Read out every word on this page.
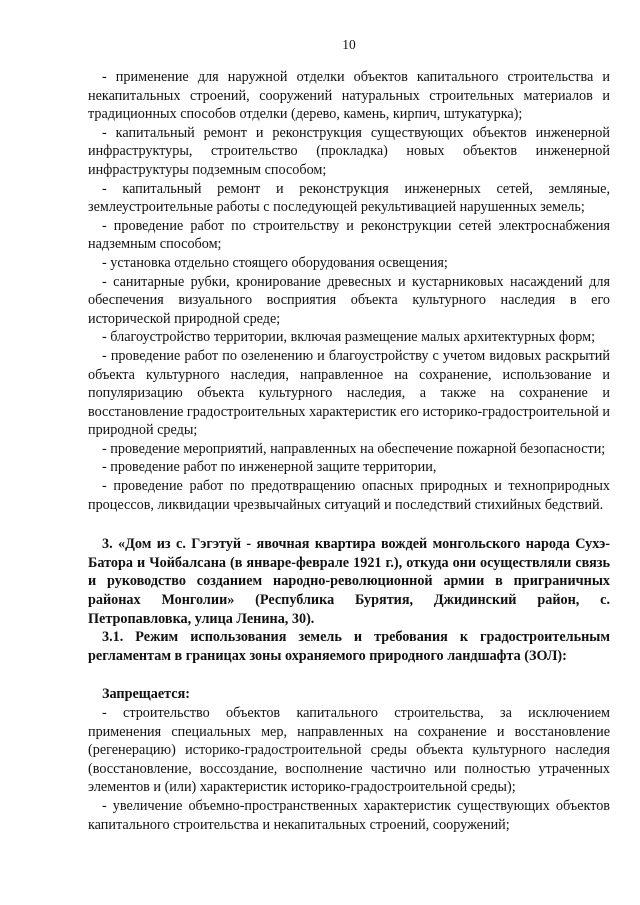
10

- применение для наружной отделки объектов капитального строительства и некапитальных строений, сооружений натуральных строительных материалов и традиционных способов отделки (дерево, камень, кирпич, штукатурка);

- капитальный ремонт и реконструкция существующих объектов инженерной инфраструктуры, строительство (прокладка) новых объектов инженерной инфраструктуры подземным способом;

- капитальный ремонт и реконструкция инженерных сетей, земляные, землеустроительные работы с последующей рекультивацией нарушенных земель;

- проведение работ по строительству и реконструкции сетей электроснабжения надземным способом;

- установка отдельно стоящего оборудования освещения;

- санитарные рубки, кронирование древесных и кустарниковых насаждений для обеспечения визуального восприятия объекта культурного наследия в его исторической природной среде;

- благоустройство территории, включая размещение малых архитектурных форм;

- проведение работ по озеленению и благоустройству с учетом видовых раскрытий объекта культурного наследия, направленное на сохранение, использование и популяризацию объекта культурного наследия, а также на сохранение и восстановление градостроительных характеристик его историко-градостроительной и природной среды;

- проведение мероприятий, направленных на обеспечение пожарной безопасности;

- проведение работ по инженерной защите территории,

- проведение работ по предотвращению опасных природных и техноприродных процессов, ликвидации чрезвычайных ситуаций и последствий стихийных бедствий.

3. «Дом из с. Гэгэтуй - явочная квартира вождей монгольского народа Сухэ-Батора и Чойбалсана (в январе-феврале 1921 г.), откуда они осуществляли связь и руководство созданием народно-революционной армии в приграничных районах Монголии» (Республика Бурятия, Джидинский район, с. Петропавловка, улица Ленина, 30).

3.1. Режим использования земель и требования к градостроительным регламентам в границах зоны охраняемого природного ландшафта (ЗОЛ):

Запрещается:

- строительство объектов капитального строительства, за исключением применения специальных мер, направленных на сохранение и восстановление (регенерацию) историко-градостроительной среды объекта культурного наследия (восстановление, воссоздание, восполнение частично или полностью утраченных элементов и (или) характеристик историко-градостроительной среды);

- увеличение объемно-пространственных характеристик существующих объектов капитального строительства и некапитальных строений, сооружений;
